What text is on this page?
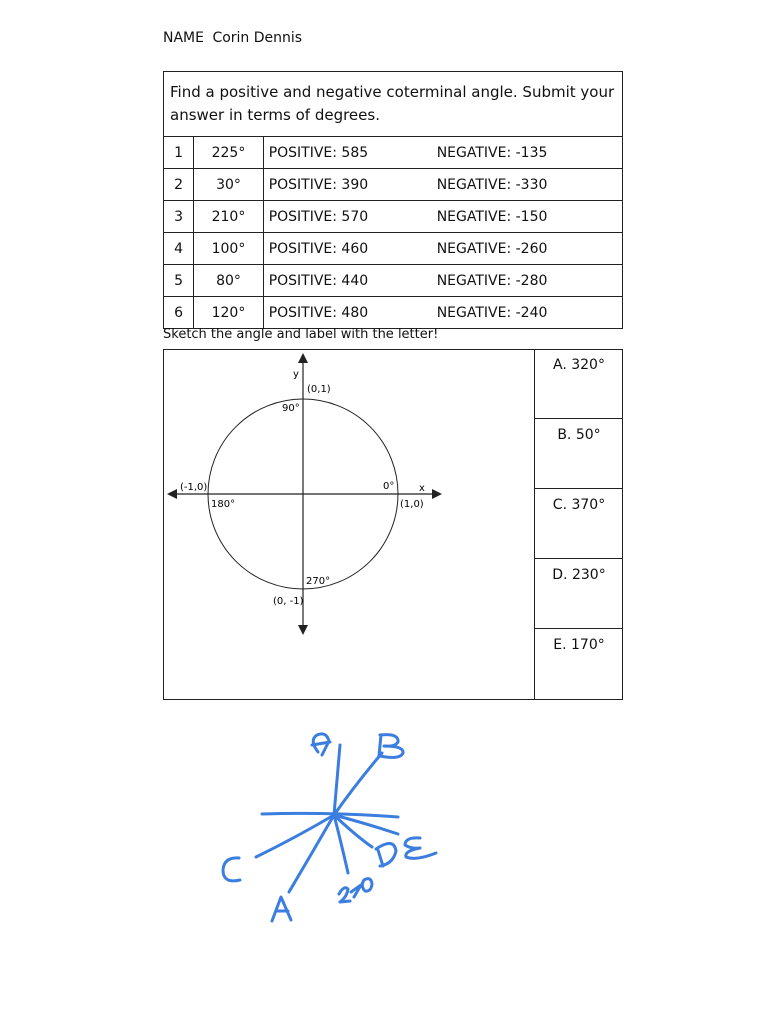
NAME Corin Dennis
Find a positive and negative coterminal angle. Submit your answer in terms of degrees.		
1	225°	POSITIVE: 585 NEGATIVE: -135
2	30°	POSITIVE: 390 NEGATIVE: -330
3	210°	POSITIVE: 570 NEGATIVE: -150
4	100°	POSITIVE: 460 NEGATIVE: -260
5	80°	POSITIVE: 440 NEGATIVE: -280
6	120°	POSITIVE: 480 NEGATIVE: -240
Sketch the angle and label with the letter!
y
x
(0,1)
90°
(-1,0)
180°
0°
(1,0)
270°
(0, -1)
A. 320°
B. 50°
C. 370°
D. 230°
E. 170°
